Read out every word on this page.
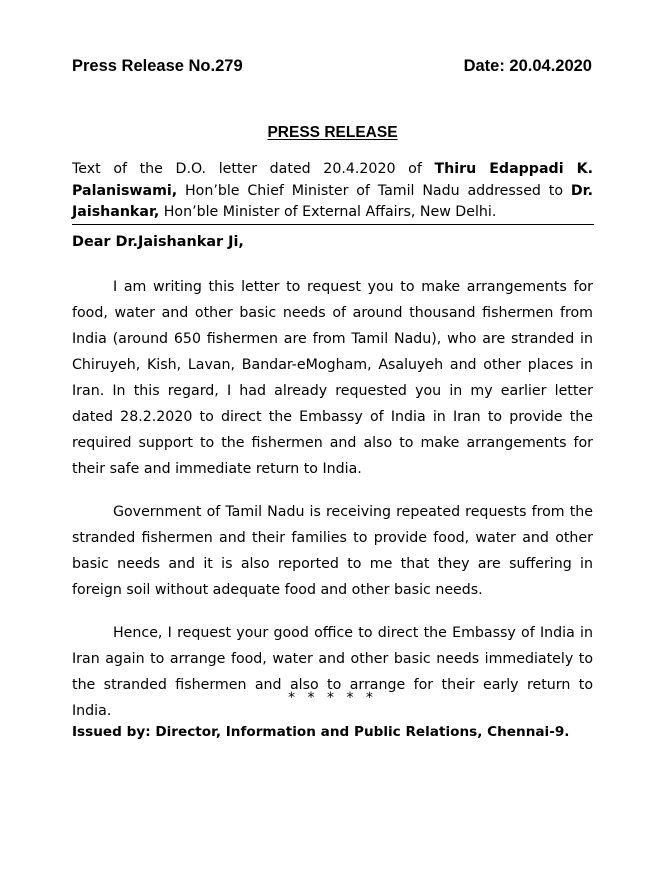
Press Release No.279	Date: 20.04.2020
PRESS RELEASE
Text of the D.O. letter dated 20.4.2020 of Thiru Edappadi K. Palaniswami, Hon’ble Chief Minister of Tamil Nadu addressed to Dr. Jaishankar, Hon’ble Minister of External Affairs, New Delhi.
Dear Dr.Jaishankar Ji,

I am writing this letter to request you to make arrangements for food, water and other basic needs of around thousand fishermen from India (around 650 fishermen are from Tamil Nadu), who are stranded in Chiruyeh, Kish, Lavan, Bandar-eMogham, Asaluyeh and other places in Iran. In this regard, I had already requested you in my earlier letter dated 28.2.2020 to direct the Embassy of India in Iran to provide the required support to the fishermen and also to make arrangements for their safe and immediate return to India.

Government of Tamil Nadu is receiving repeated requests from the stranded fishermen and their families to provide food, water and other basic needs and it is also reported to me that they are suffering in foreign soil without adequate food and other basic needs.

Hence, I request your good office to direct the Embassy of India in Iran again to arrange food, water and other basic needs immediately to the stranded fishermen and also to arrange for their early return to India.

* * * * *
Issued by: Director, Information and Public Relations, Chennai-9.
